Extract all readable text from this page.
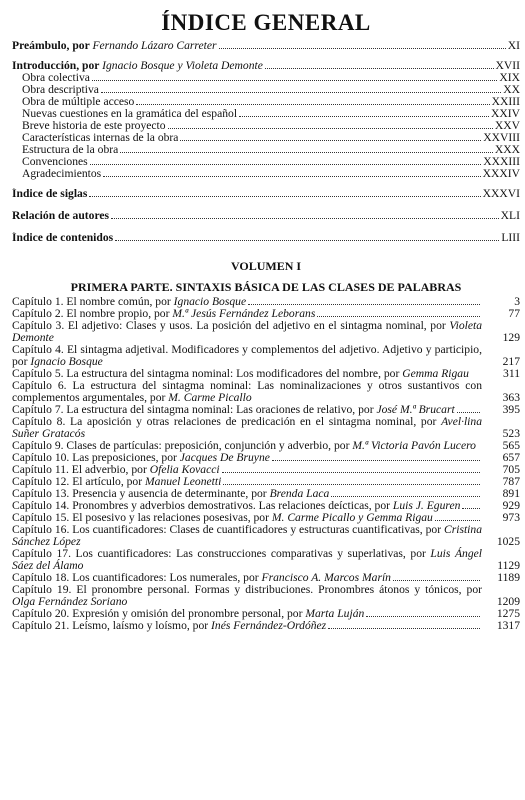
ÍNDICE GENERAL
Preámbulo, por Fernando Lázaro Carreter	XI
Introducción, por Ignacio Bosque y Violeta Demonte	XVII
Obra colectiva	XIX
Obra descriptiva	XX
Obra de múltiple acceso	XXIII
Nuevas cuestiones en la gramática del español	XXIV
Breve historia de este proyecto	XXV
Características internas de la obra	XXVIII
Estructura de la obra	XXX
Convenciones	XXXIII
Agradecimientos	XXXIV
Índice de siglas	XXXVI
Relación de autores	XLI
Índice de contenidos	LIII
VOLUMEN I
PRIMERA PARTE. SINTAXIS BÁSICA DE LAS CLASES DE PALABRAS
Capítulo 1. El nombre común, por Ignacio Bosque	3
Capítulo 2. El nombre propio, por M.ª Jesús Fernández Leborans	77
Capítulo 3. El adjetivo: Clases y usos. La posición del adjetivo en el sintagma nominal, por Violeta Demonte	129
Capítulo 4. El sintagma adjetival. Modificadores y complementos del adjetivo. Adjetivo y participio, por Ignacio Bosque	217
Capítulo 5. La estructura del sintagma nominal: Los modificadores del nombre, por Gemma Rigau	311
Capítulo 6. La estructura del sintagma nominal: Las nominalizaciones y otros sustantivos con complementos argumentales, por M. Carme Picallo	363
Capítulo 7. La estructura del sintagma nominal: Las oraciones de relativo, por José M.ª Brucart	395
Capítulo 8. La aposición y otras relaciones de predicación en el sintagma nominal, por Avel·lina Suñer Gratacós	523
Capítulo 9. Clases de partículas: preposición, conjunción y adverbio, por M.ª Victoria Pavón Lucero	565
Capítulo 10. Las preposiciones, por Jacques De Bruyne	657
Capítulo 11. El adverbio, por Ofelia Kovacci	705
Capítulo 12. El artículo, por Manuel Leonetti	787
Capítulo 13. Presencia y ausencia de determinante, por Brenda Laca	891
Capítulo 14. Pronombres y adverbios demostrativos. Las relaciones deícticas, por Luis J. Eguren	929
Capítulo 15. El posesivo y las relaciones posesivas, por M. Carme Picallo y Gemma Rigau	973
Capítulo 16. Los cuantificadores: Clases de cuantificadores y estructuras cuantificativas, por Cristina Sánchez López	1025
Capítulo 17. Los cuantificadores: Las construcciones comparativas y superlativas, por Luis Ángel Sáez del Álamo	1129
Capítulo 18. Los cuantificadores: Los numerales, por Francisco A. Marcos Marín	1189
Capítulo 19. El pronombre personal. Formas y distribuciones. Pronombres átonos y tónicos, por Olga Fernández Soriano	1209
Capítulo 20. Expresión y omisión del pronombre personal, por Marta Luján	1275
Capítulo 21. Leísmo, laísmo y loísmo, por Inés Fernández-Ordóñez	1317
